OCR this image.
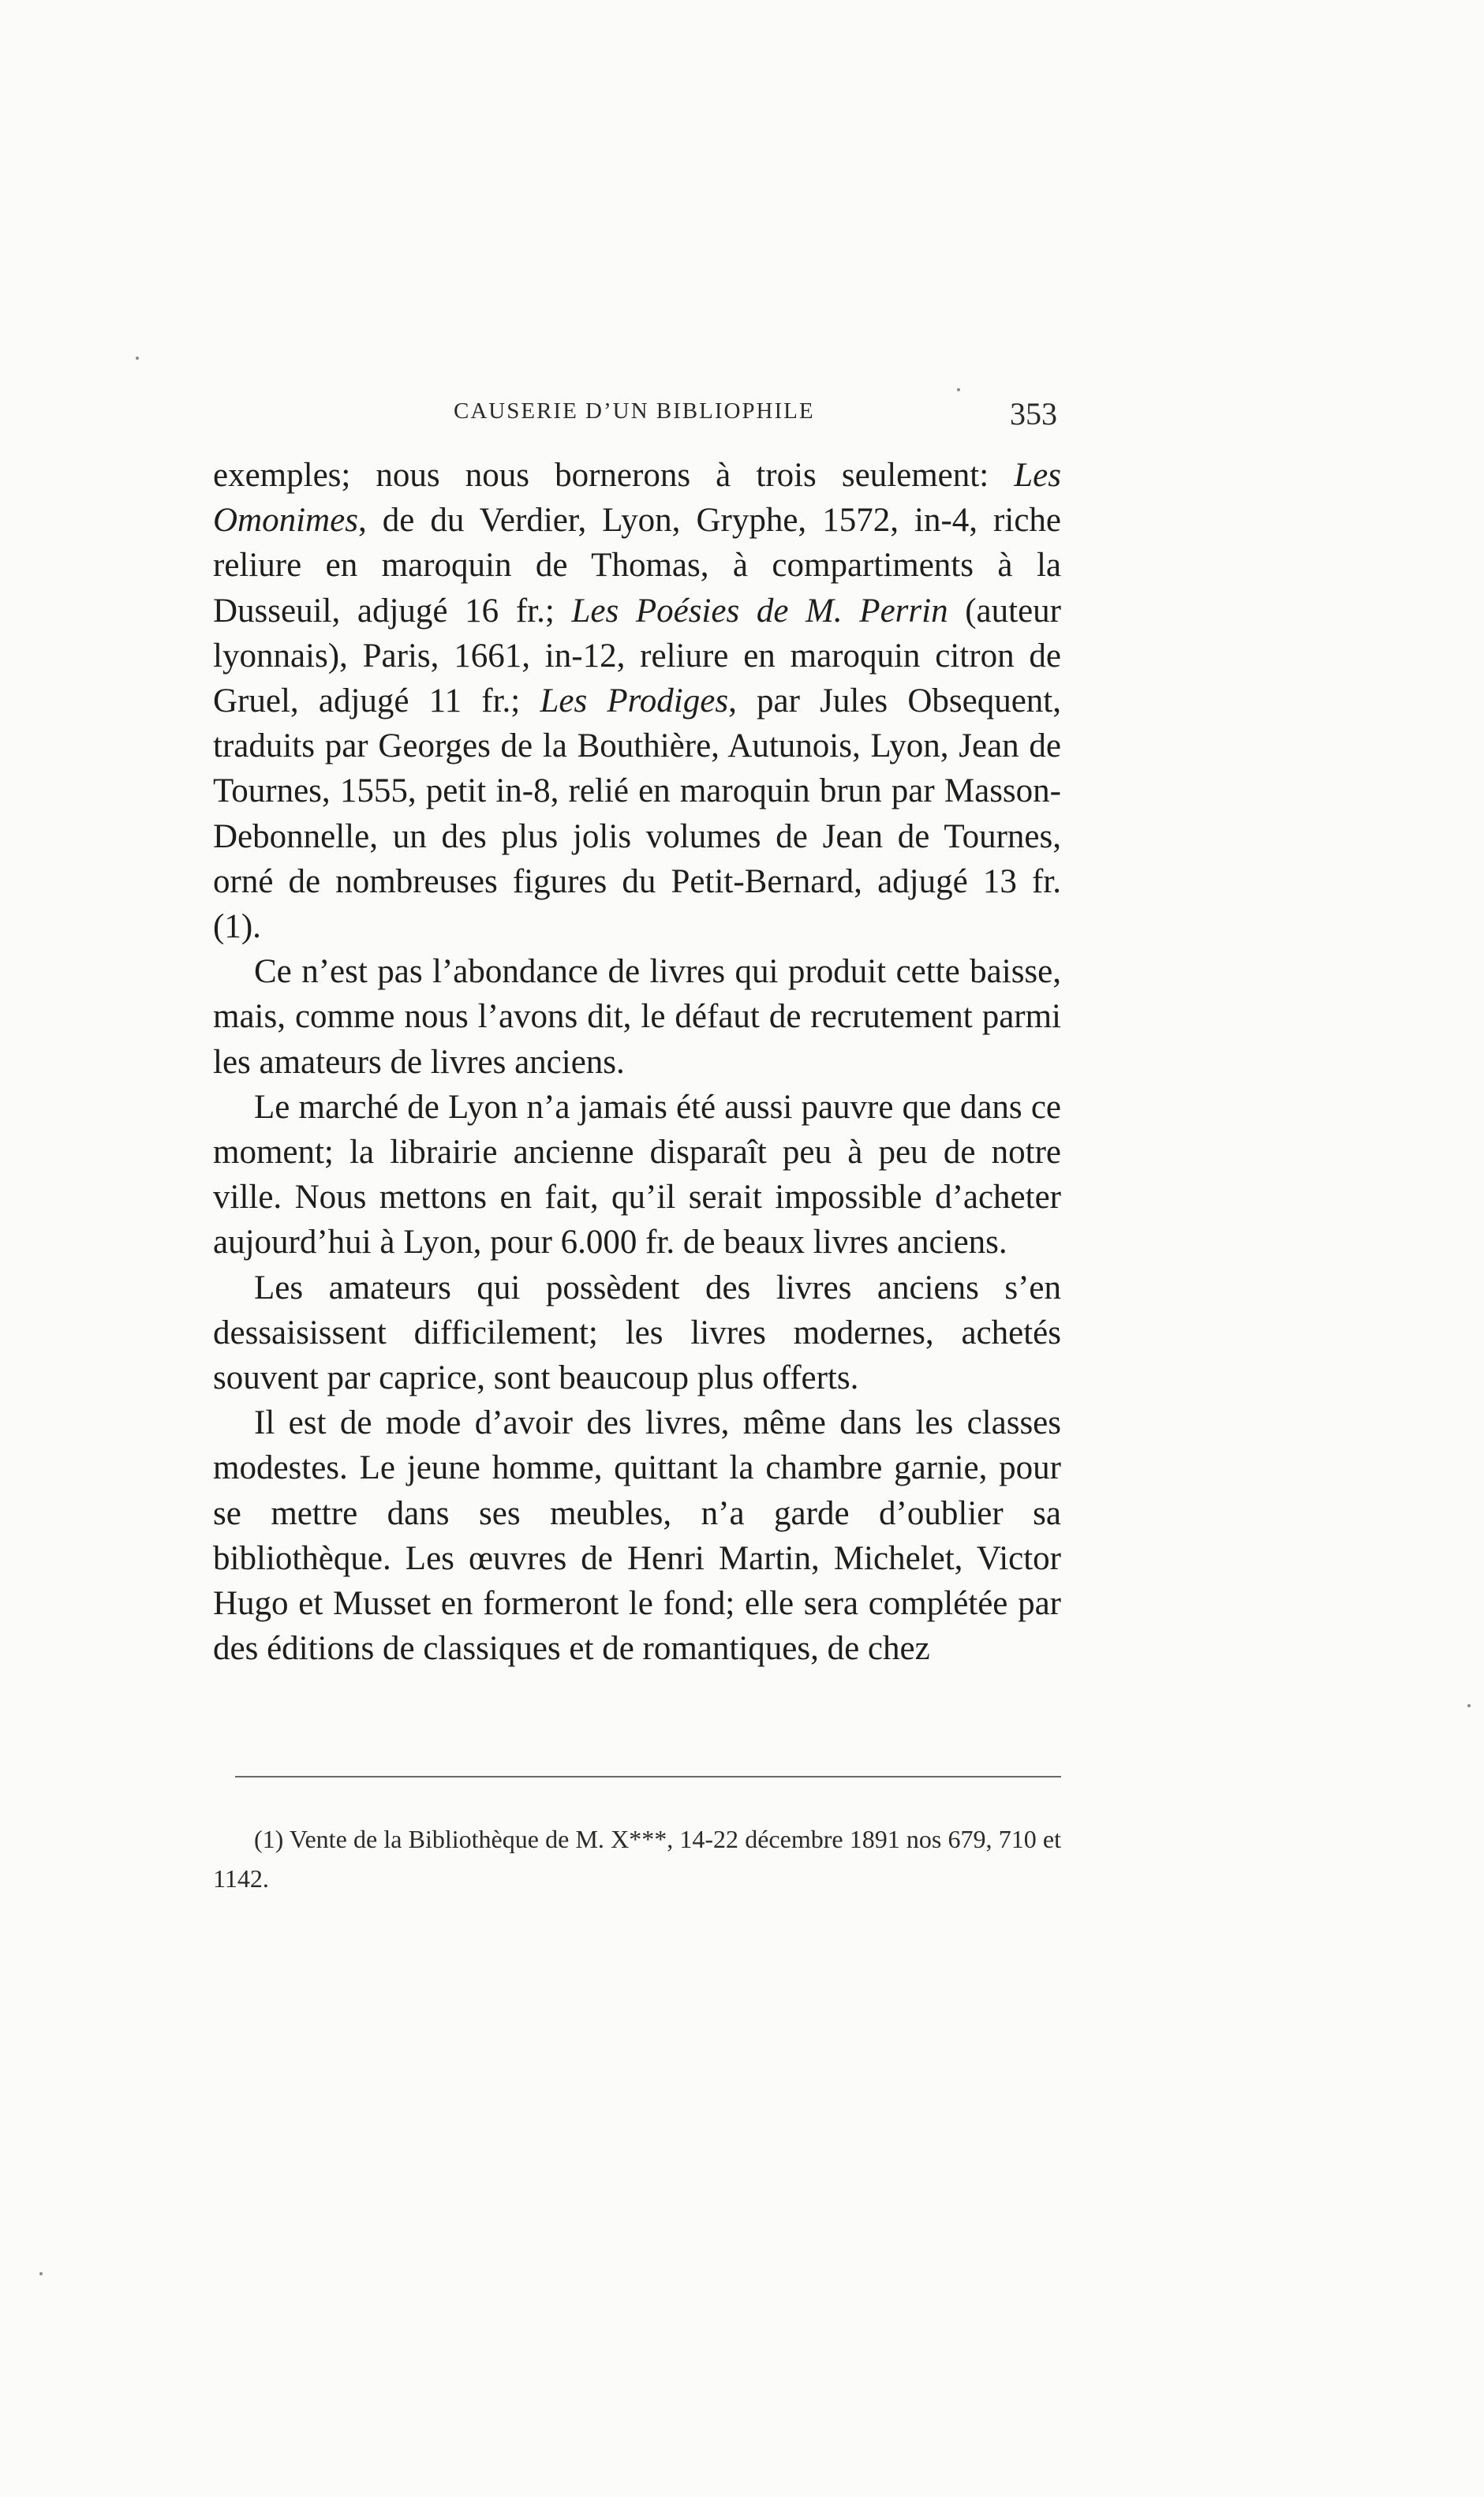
CAUSERIE D’UN BIBLIOPHILE	353

exemples; nous nous bornerons à trois seulement: Les Omonimes, de du Verdier, Lyon, Gryphe, 1572, in-4, riche reliure en maroquin de Thomas, à compartiments à la Dusseuil, adjugé 16 fr.; Les Poésies de M. Perrin (auteur lyonnais), Paris, 1661, in-12, reliure en maroquin citron de Gruel, adjugé 11 fr.; Les Prodiges, par Jules Obsequent, traduits par Georges de la Bouthière, Autunois, Lyon, Jean de Tournes, 1555, petit in-8, relié en maroquin brun par Masson-Debonnelle, un des plus jolis volumes de Jean de Tournes, orné de nombreuses figures du Petit-Bernard, adjugé 13 fr. (1).

Ce n’est pas l’abondance de livres qui produit cette baisse, mais, comme nous l’avons dit, le défaut de recrutement parmi les amateurs de livres anciens.

Le marché de Lyon n’a jamais été aussi pauvre que dans ce moment; la librairie ancienne disparaît peu à peu de notre ville. Nous mettons en fait, qu’il serait impossible d’acheter aujourd’hui à Lyon, pour 6.000 fr. de beaux livres anciens.

Les amateurs qui possèdent des livres anciens s’en dessaisissent difficilement; les livres modernes, achetés souvent par caprice, sont beaucoup plus offerts.

Il est de mode d’avoir des livres, même dans les classes modestes. Le jeune homme, quittant la chambre garnie, pour se mettre dans ses meubles, n’a garde d’oublier sa bibliothèque. Les œuvres de Henri Martin, Michelet, Victor Hugo et Musset en formeront le fond; elle sera complétée par des éditions de classiques et de romantiques, de chez

(1) Vente de la Bibliothèque de M. X***, 14-22 décembre 1891 nos 679, 710 et 1142.
